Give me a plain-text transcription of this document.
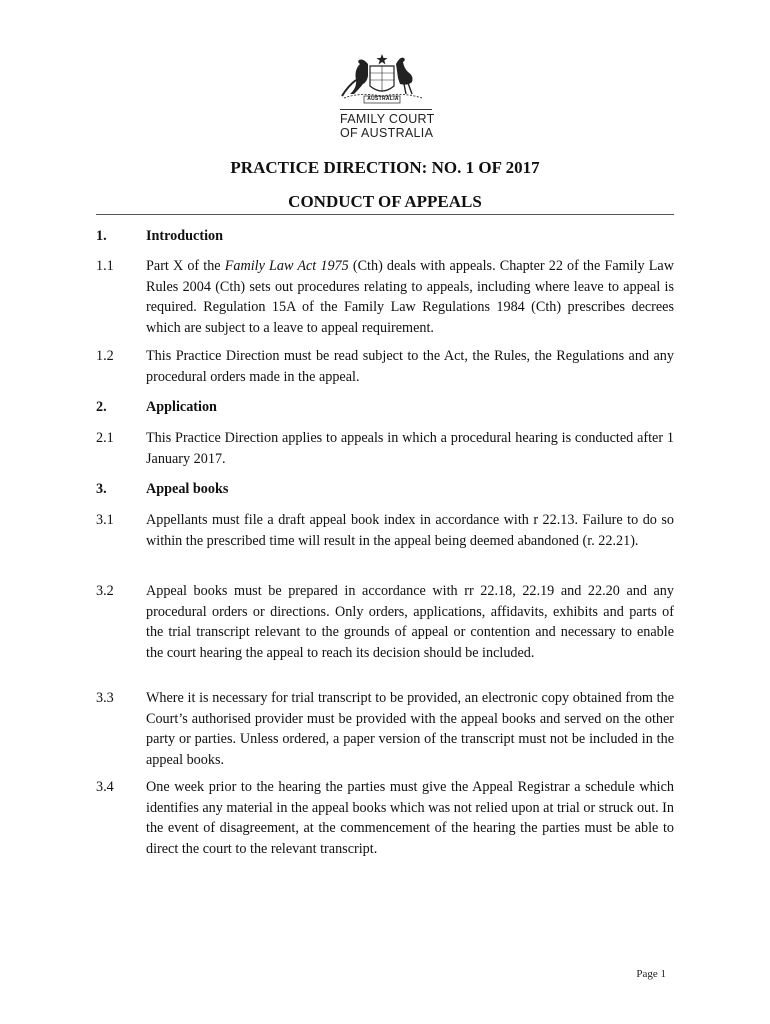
AUSTRALIA
FAMILY COURT
OF AUSTRALIA
PRACTICE DIRECTION: NO. 1 OF 2017
CONDUCT OF APPEALS
1.	Introduction
1.1 Part X of the Family Law Act 1975 (Cth) deals with appeals. Chapter 22 of the Family Law Rules 2004 (Cth) sets out procedures relating to appeals, including where leave to appeal is required. Regulation 15A of the Family Law Regulations 1984 (Cth) prescribes decrees which are subject to a leave to appeal requirement.
1.2 This Practice Direction must be read subject to the Act, the Rules, the Regulations and any procedural orders made in the appeal.
2.	Application
2.1 This Practice Direction applies to appeals in which a procedural hearing is conducted after 1 January 2017.
3.	Appeal books
3.1 Appellants must file a draft appeal book index in accordance with r 22.13. Failure to do so within the prescribed time will result in the appeal being deemed abandoned (r. 22.21).
3.2 Appeal books must be prepared in accordance with rr 22.18, 22.19 and 22.20 and any procedural orders or directions. Only orders, applications, affidavits, exhibits and parts of the trial transcript relevant to the grounds of appeal or contention and necessary to enable the court hearing the appeal to reach its decision should be included.
3.3 Where it is necessary for trial transcript to be provided, an electronic copy obtained from the Court’s authorised provider must be provided with the appeal books and served on the other party or parties. Unless ordered, a paper version of the transcript must not be included in the appeal books.
3.4 One week prior to the hearing the parties must give the Appeal Registrar a schedule which identifies any material in the appeal books which was not relied upon at trial or struck out. In the event of disagreement, at the commencement of the hearing the parties must be able to direct the court to the relevant transcript.
Page 1
